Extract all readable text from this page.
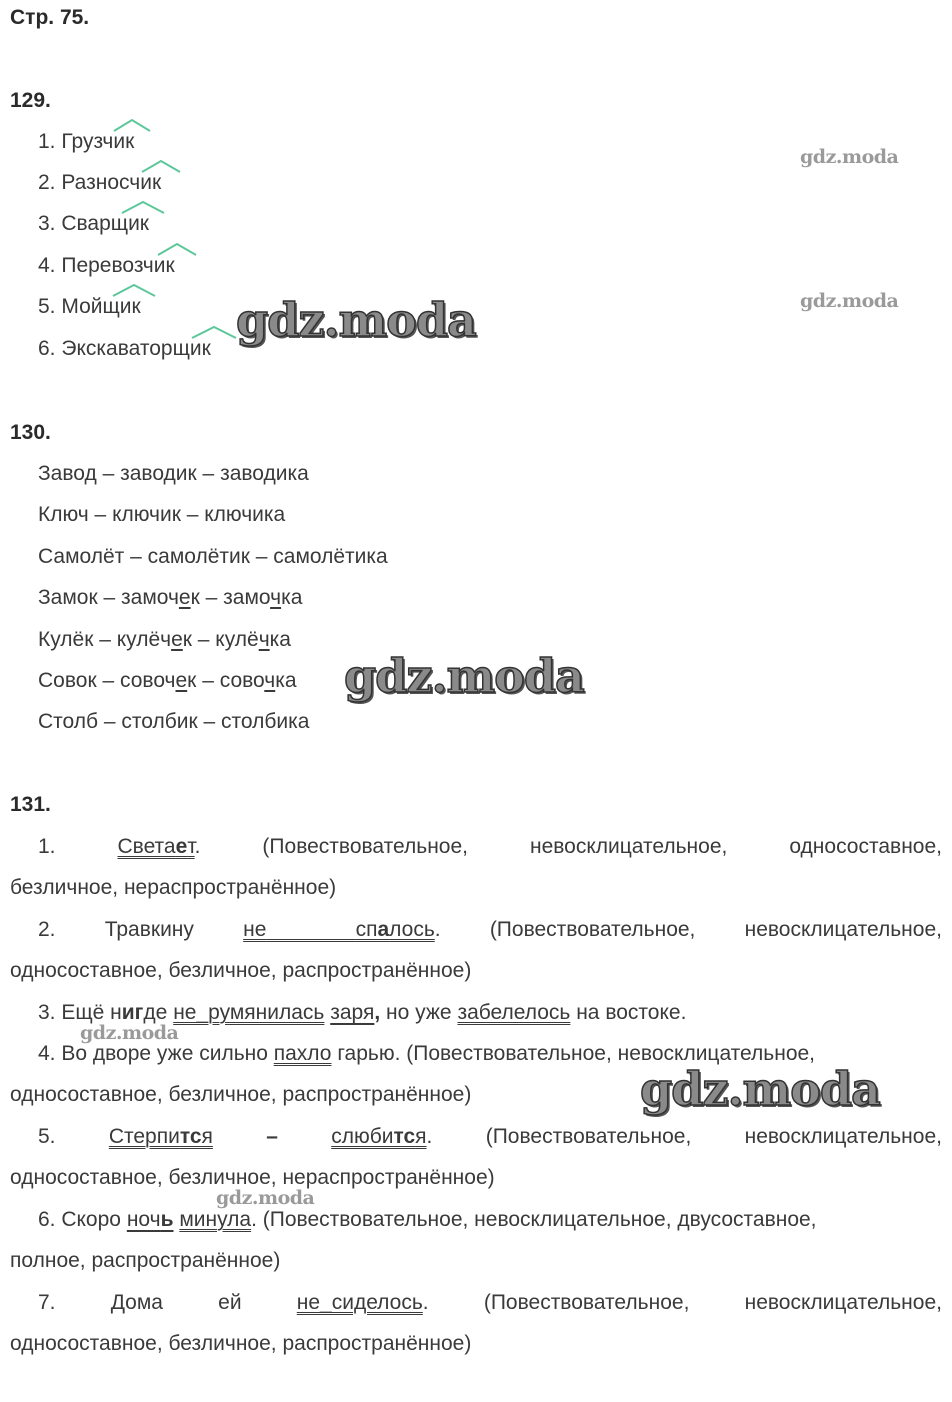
Стр. 75.
129.
1. Грузчик
2. Разносчик
3. Сварщик
4. Перевозчик
5. Мойщик
6. Экскаваторщик
130.
Завод – заводик – заводика
Ключ – ключик – ключика
Самолёт – самолётик – самолётика
Замок – замочек – замочка
Кулёк – кулёчек – кулёчка
Совок – совочек – совочка
Столб – столбик – столбика
131.
1.	Светает.	(Повествовательное,	невосклицательное,	односоставное,
безличное, нераспространённое)
2. Травкину не	спалось. (Повествовательное, невосклицательное,
односоставное, безличное, распространённое)
3. Ещё нигде не_румянилась заря, но уже забелелось на востоке.
4. Во дворе уже сильно пахло гарью. (Повествовательное, невосклицательное,
односоставное, безличное, распространённое)
5.	Стерпится	–	слюбится.	(Повествовательное,	невосклицательное,
односоставное, безличное, нераспространённое)
6. Скоро ночь минула. (Повествовательное, невосклицательное, двусоставное,
полное, распространённое)
7.	Дома	ей	не_сиделось.	(Повествовательное,	невосклицательное,
односоставное, безличное, распространённое)
gdz.moda
gdz.moda
gdz.moda
gdz.moda
gdz.moda
gdz.moda
gdz.moda
